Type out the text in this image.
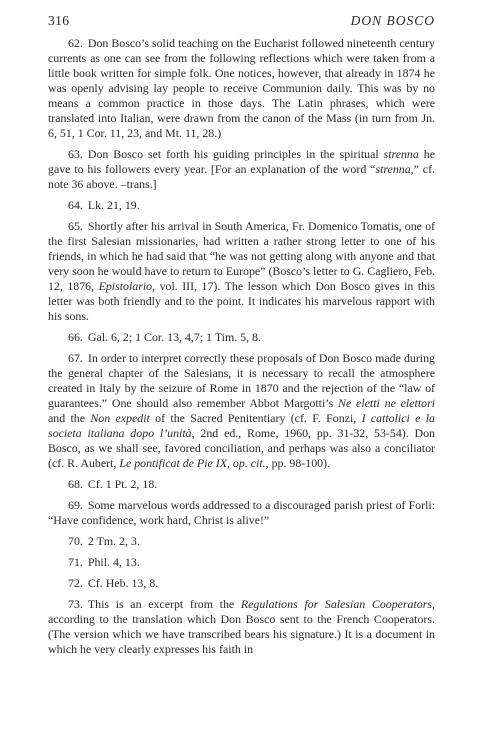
316	DON BOSCO

62. Don Bosco’s solid teaching on the Eucharist followed nineteenth century currents as one can see from the following reflections which were taken from a little book written for simple folk. One notices, however, that already in 1874 he was openly advising lay people to receive Communion daily. This was by no means a common practice in those days. The Latin phrases, which were translated into Italian, were drawn from the canon of the Mass (in turn from Jn. 6, 51, 1 Cor. 11, 23, and Mt. 11, 28.)

63. Don Bosco set forth his guiding principles in the spiritual strenna he gave to his followers every year. [For an explanation of the word “strenna,” cf. note 36 above. –trans.]

64. Lk. 21, 19.

65. Shortly after his arrival in South America, Fr. Domenico Tomatis, one of the first Salesian missionaries, had written a rather strong letter to one of his friends, in which he had said that “he was not getting along with anyone and that very soon he would have to return to Europe” (Bosco’s letter to G. Cagliero, Feb. 12, 1876, Epistolario, vol. III, 17). The lesson which Don Bosco gives in this letter was both friendly and to the point. It indicates his marvelous rapport with his sons.

66. Gal. 6, 2; 1 Cor. 13, 4,7; 1 Tim. 5, 8.

67. In order to interpret correctly these proposals of Don Bosco made during the general chapter of the Salesians, it is necessary to recall the atmosphere created in Italy by the seizure of Rome in 1870 and the rejection of the “law of guarantees.” One should also remember Abbot Margotti’s Ne eletti ne elettori and the Non expedit of the Sacred Penitentiary (cf. F. Fonzi, I cattolici e la societa italiana dopo l’unità, 2nd ed., Rome, 1960, pp. 31-32, 53-54). Don Bosco, as we shall see, favored conciliation, and perhaps was also a conciliator (cf. R. Aubert, Le pontificat de Pie IX, op. cit., pp. 98-100).

68. Cf. 1 Pt. 2, 18.

69. Some marvelous words addressed to a discouraged parish priest of Forli: “Have confidence, work hard, Christ is alive!”

70. 2 Tm. 2, 3.

71. Phil. 4, 13.

72. Cf. Heb. 13, 8.

73. This is an excerpt from the Regulations for Salesian Cooperators, according to the translation which Don Bosco sent to the French Cooperators. (The version which we have transcribed bears his signature.) It is a document in which he very clearly expresses his faith in
